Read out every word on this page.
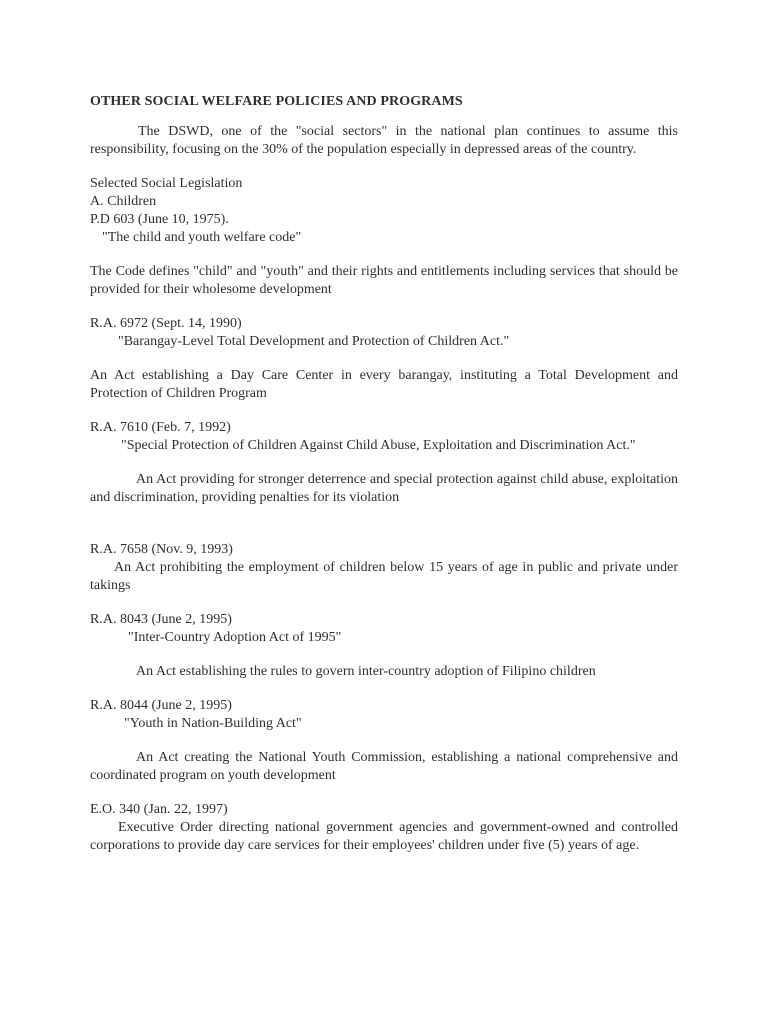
OTHER SOCIAL WELFARE POLICIES AND PROGRAMS

The DSWD, one of the "social sectors" in the national plan continues to assume this responsibility, focusing on the 30% of the population especially in depressed areas of the country.

Selected Social Legislation

A. Children

P.D 603 (June 10, 1975).

"The child and youth welfare code"

The Code defines "child" and "youth" and their rights and entitlements including services that should be provided for their wholesome development

R.A. 6972 (Sept. 14, 1990)

"Barangay-Level Total Development and Protection of Children Act."

An Act establishing a Day Care Center in every barangay, instituting a Total Development and Protection of Children Program

R.A. 7610 (Feb. 7, 1992)

"Special Protection of Children Against Child Abuse, Exploitation and Discrimination Act."

An Act providing for stronger deterrence and special protection against child abuse, exploitation and discrimination, providing penalties for its violation

R.A. 7658 (Nov. 9, 1993)

An Act prohibiting the employment of children below 15 years of age in public and private under takings

R.A. 8043 (June 2, 1995)

"Inter-Country Adoption Act of 1995"

An Act establishing the rules to govern inter-country adoption of Filipino children

R.A. 8044 (June 2, 1995)

"Youth in Nation-Building Act"

An Act creating the National Youth Commission, establishing a national comprehensive and coordinated program on youth development

E.O. 340 (Jan. 22, 1997)

Executive Order directing national government agencies and government-owned and controlled corporations to provide day care services for their employees' children under five (5) years of age.
